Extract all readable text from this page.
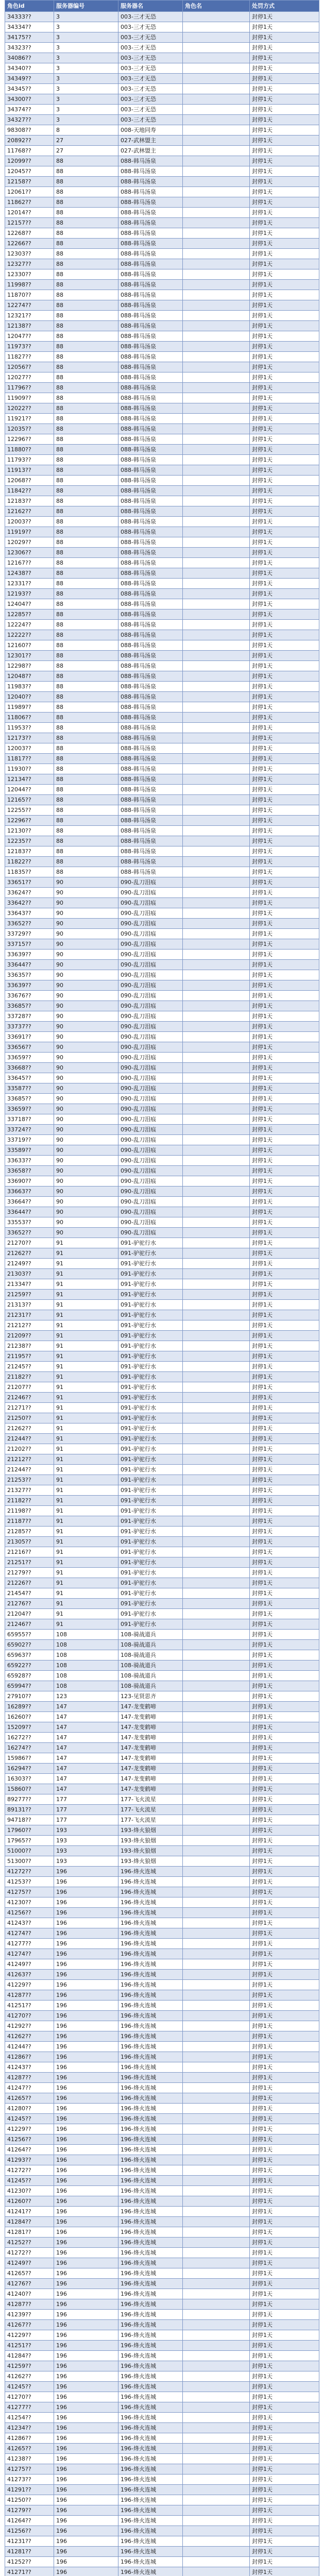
角色id	服务器编号	服务器名	角色名	处罚方式
34333??	3	003-三才无恐		封停1天
34334??	3	003-三才无恐		封停1天
34175??	3	003-三才无恐		封停1天
34323??	3	003-三才无恐		封停1天
34086??	3	003-三才无恐		封停1天
34340??	3	003-三才无恐		封停1天
34349??	3	003-三才无恐		封停1天
34345??	3	003-三才无恐		封停1天
34300??	3	003-三才无恐		封停1天
34374??	3	003-三才无恐		封停1天
34327??	3	003-三才无恐		封停1天
98308??	8	008-天地同寿		封停1天
20892??	27	027-武林盟主		封停1天
11768??	27	027-武林盟主		封停1天
12099??	88	088-韩马汤泉		封停1天
12045??	88	088-韩马汤泉		封停1天
12158??	88	088-韩马汤泉		封停1天
12061??	88	088-韩马汤泉		封停1天
11862??	88	088-韩马汤泉		封停1天
12014??	88	088-韩马汤泉		封停1天
12157??	88	088-韩马汤泉		封停1天
12268??	88	088-韩马汤泉		封停1天
12266??	88	088-韩马汤泉		封停1天
12303??	88	088-韩马汤泉		封停1天
12327??	88	088-韩马汤泉		封停1天
12330??	88	088-韩马汤泉		封停1天
11998??	88	088-韩马汤泉		封停1天
11870??	88	088-韩马汤泉		封停1天
12274??	88	088-韩马汤泉		封停1天
12321??	88	088-韩马汤泉		封停1天
12138??	88	088-韩马汤泉		封停1天
12047??	88	088-韩马汤泉		封停1天
11973??	88	088-韩马汤泉		封停1天
11827??	88	088-韩马汤泉		封停1天
12056??	88	088-韩马汤泉		封停1天
12027??	88	088-韩马汤泉		封停1天
11796??	88	088-韩马汤泉		封停1天
11909??	88	088-韩马汤泉		封停1天
12022??	88	088-韩马汤泉		封停1天
11921??	88	088-韩马汤泉		封停1天
12035??	88	088-韩马汤泉		封停1天
12296??	88	088-韩马汤泉		封停1天
11880??	88	088-韩马汤泉		封停1天
11793??	88	088-韩马汤泉		封停1天
11913??	88	088-韩马汤泉		封停1天
12068??	88	088-韩马汤泉		封停1天
11842??	88	088-韩马汤泉		封停1天
12183??	88	088-韩马汤泉		封停1天
12162??	88	088-韩马汤泉		封停1天
12003??	88	088-韩马汤泉		封停1天
11919??	88	088-韩马汤泉		封停1天
12029??	88	088-韩马汤泉		封停1天
12306??	88	088-韩马汤泉		封停1天
12167??	88	088-韩马汤泉		封停1天
12438??	88	088-韩马汤泉		封停1天
12331??	88	088-韩马汤泉		封停1天
12193??	88	088-韩马汤泉		封停1天
12404??	88	088-韩马汤泉		封停1天
12285??	88	088-韩马汤泉		封停1天
12224??	88	088-韩马汤泉		封停1天
12222??	88	088-韩马汤泉		封停1天
12160??	88	088-韩马汤泉		封停1天
12301??	88	088-韩马汤泉		封停1天
12298??	88	088-韩马汤泉		封停1天
12048??	88	088-韩马汤泉		封停1天
11983??	88	088-韩马汤泉		封停1天
12040??	88	088-韩马汤泉		封停1天
11989??	88	088-韩马汤泉		封停1天
11806??	88	088-韩马汤泉		封停1天
11953??	88	088-韩马汤泉		封停1天
12173??	88	088-韩马汤泉		封停1天
12003??	88	088-韩马汤泉		封停1天
11817??	88	088-韩马汤泉		封停1天
11930??	88	088-韩马汤泉		封停1天
12134??	88	088-韩马汤泉		封停1天
12044??	88	088-韩马汤泉		封停1天
12165??	88	088-韩马汤泉		封停1天
12255??	88	088-韩马汤泉		封停1天
12296??	88	088-韩马汤泉		封停1天
12130??	88	088-韩马汤泉		封停1天
12235??	88	088-韩马汤泉		封停1天
12183??	88	088-韩马汤泉		封停1天
11822??	88	088-韩马汤泉		封停1天
11835??	88	088-韩马汤泉		封停1天
33651??	90	090-乱刀泪痕		封停1天
33624??	90	090-乱刀泪痕		封停1天
33642??	90	090-乱刀泪痕		封停1天
33643??	90	090-乱刀泪痕		封停1天
33652??	90	090-乱刀泪痕		封停1天
33729??	90	090-乱刀泪痕		封停1天
33715??	90	090-乱刀泪痕		封停1天
33639??	90	090-乱刀泪痕		封停1天
33644??	90	090-乱刀泪痕		封停1天
33635??	90	090-乱刀泪痕		封停1天
33639??	90	090-乱刀泪痕		封停1天
33676??	90	090-乱刀泪痕		封停1天
33685??	90	090-乱刀泪痕		封停1天
33728??	90	090-乱刀泪痕		封停1天
33737??	90	090-乱刀泪痕		封停1天
33691??	90	090-乱刀泪痕		封停1天
33656??	90	090-乱刀泪痕		封停1天
33659??	90	090-乱刀泪痕		封停1天
33668??	90	090-乱刀泪痕		封停1天
33645??	90	090-乱刀泪痕		封停1天
33587??	90	090-乱刀泪痕		封停1天
33685??	90	090-乱刀泪痕		封停1天
33659??	90	090-乱刀泪痕		封停1天
33718??	90	090-乱刀泪痕		封停1天
33724??	90	090-乱刀泪痕		封停1天
33719??	90	090-乱刀泪痕		封停1天
33589??	90	090-乱刀泪痕		封停1天
33633??	90	090-乱刀泪痕		封停1天
33658??	90	090-乱刀泪痕		封停1天
33690??	90	090-乱刀泪痕		封停1天
33663??	90	090-乱刀泪痕		封停1天
33664??	90	090-乱刀泪痕		封停1天
33644??	90	090-乱刀泪痕		封停1天
33553??	90	090-乱刀泪痕		封停1天
33652??	90	090-乱刀泪痕		封停1天
21270??	91	091-驴驼行水		封停1天
21262??	91	091-驴驼行水		封停1天
21249??	91	091-驴驼行水		封停1天
21303??	91	091-驴驼行水		封停1天
21334??	91	091-驴驼行水		封停1天
21259??	91	091-驴驼行水		封停1天
21313??	91	091-驴驼行水		封停1天
21231??	91	091-驴驼行水		封停1天
21212??	91	091-驴驼行水		封停1天
21209??	91	091-驴驼行水		封停1天
21238??	91	091-驴驼行水		封停1天
21195??	91	091-驴驼行水		封停1天
21245??	91	091-驴驼行水		封停1天
21182??	91	091-驴驼行水		封停1天
21207??	91	091-驴驼行水		封停1天
21246??	91	091-驴驼行水		封停1天
21271??	91	091-驴驼行水		封停1天
21250??	91	091-驴驼行水		封停1天
21262??	91	091-驴驼行水		封停1天
21244??	91	091-驴驼行水		封停1天
21202??	91	091-驴驼行水		封停1天
21212??	91	091-驴驼行水		封停1天
21244??	91	091-驴驼行水		封停1天
21253??	91	091-驴驼行水		封停1天
21327??	91	091-驴驼行水		封停1天
21182??	91	091-驴驼行水		封停1天
21198??	91	091-驴驼行水		封停1天
21187??	91	091-驴驼行水		封停1天
21285??	91	091-驴驼行水		封停1天
21305??	91	091-驴驼行水		封停1天
21216??	91	091-驴驼行水		封停1天
21251??	91	091-驴驼行水		封停1天
21279??	91	091-驴驼行水		封停1天
21226??	91	091-驴驼行水		封停1天
21454??	91	091-驴驼行水		封停1天
21276??	91	091-驴驼行水		封停1天
21204??	91	091-驴驼行水		封停1天
21246??	91	091-驴驼行水		封停1天
65955??	108	108-骑战道兵		封停1天
65902??	108	108-骑战道兵		封停1天
65963??	108	108-骑战道兵		封停1天
65922??	108	108-骑战道兵		封停1天
65928??	108	108-骑战道兵		封停1天
65994??	108	108-骑战道兵		封停1天
27910??	123	123-见贤思齐		封停1天
16289??	147	147-龙变鹤啼		封停1天
16260??	147	147-龙变鹤啼		封停1天
15209??	147	147-龙变鹤啼		封停1天
16272??	147	147-龙变鹤啼		封停1天
16274??	147	147-龙变鹤啼		封停1天
15986??	147	147-龙变鹤啼		封停1天
16294??	147	147-龙变鹤啼		封停1天
16303??	147	147-龙变鹤啼		封停1天
15860??	147	147-龙变鹤啼		封停1天
89277??	177	177-飞火流星		封停1天
89131??	177	177-飞火流星		封停1天
94718??	177	177-飞火流星		封停1天
17960??	193	193-烽火狼烟		封停1天
17965??	193	193-烽火狼烟		封停1天
51000??	193	193-烽火狼烟		封停1天
51300??	193	193-烽火狼烟		封停1天
41272??	196	196-烽火连城		封停1天
41253??	196	196-烽火连城		封停1天
41275??	196	196-烽火连城		封停1天
41230??	196	196-烽火连城		封停1天
41256??	196	196-烽火连城		封停1天
41243??	196	196-烽火连城		封停1天
41274??	196	196-烽火连城		封停1天
41277??	196	196-烽火连城		封停1天
41274??	196	196-烽火连城		封停1天
41249??	196	196-烽火连城		封停1天
41263??	196	196-烽火连城		封停1天
41229??	196	196-烽火连城		封停1天
41287??	196	196-烽火连城		封停1天
41251??	196	196-烽火连城		封停1天
41270??	196	196-烽火连城		封停1天
41292??	196	196-烽火连城		封停1天
41262??	196	196-烽火连城		封停1天
41244??	196	196-烽火连城		封停1天
41286??	196	196-烽火连城		封停1天
41243??	196	196-烽火连城		封停1天
41287??	196	196-烽火连城		封停1天
41247??	196	196-烽火连城		封停1天
41265??	196	196-烽火连城		封停1天
41280??	196	196-烽火连城		封停1天
41245??	196	196-烽火连城		封停1天
41229??	196	196-烽火连城		封停1天
41256??	196	196-烽火连城		封停1天
41264??	196	196-烽火连城		封停1天
41293??	196	196-烽火连城		封停1天
41272??	196	196-烽火连城		封停1天
41245??	196	196-烽火连城		封停1天
41230??	196	196-烽火连城		封停1天
41260??	196	196-烽火连城		封停1天
41241??	196	196-烽火连城		封停1天
41284??	196	196-烽火连城		封停1天
41281??	196	196-烽火连城		封停1天
41252??	196	196-烽火连城		封停1天
41272??	196	196-烽火连城		封停1天
41249??	196	196-烽火连城		封停1天
41265??	196	196-烽火连城		封停1天
41276??	196	196-烽火连城		封停1天
41240??	196	196-烽火连城		封停1天
41287??	196	196-烽火连城		封停1天
41239??	196	196-烽火连城		封停1天
41267??	196	196-烽火连城		封停1天
41229??	196	196-烽火连城		封停1天
41251??	196	196-烽火连城		封停1天
41284??	196	196-烽火连城		封停1天
41259??	196	196-烽火连城		封停1天
41262??	196	196-烽火连城		封停1天
41245??	196	196-烽火连城		封停1天
41270??	196	196-烽火连城		封停1天
41277??	196	196-烽火连城		封停1天
41254??	196	196-烽火连城		封停1天
41234??	196	196-烽火连城		封停1天
41286??	196	196-烽火连城		封停1天
41265??	196	196-烽火连城		封停1天
41238??	196	196-烽火连城		封停1天
41275??	196	196-烽火连城		封停1天
41273??	196	196-烽火连城		封停1天
41291??	196	196-烽火连城		封停1天
41250??	196	196-烽火连城		封停1天
41279??	196	196-烽火连城		封停1天
41264??	196	196-烽火连城		封停1天
41256??	196	196-烽火连城		封停1天
41231??	196	196-烽火连城		封停1天
41281??	196	196-烽火连城		封停1天
41252??	196	196-烽火连城		封停1天
41271??	196	196-烽火连城		封停1天
